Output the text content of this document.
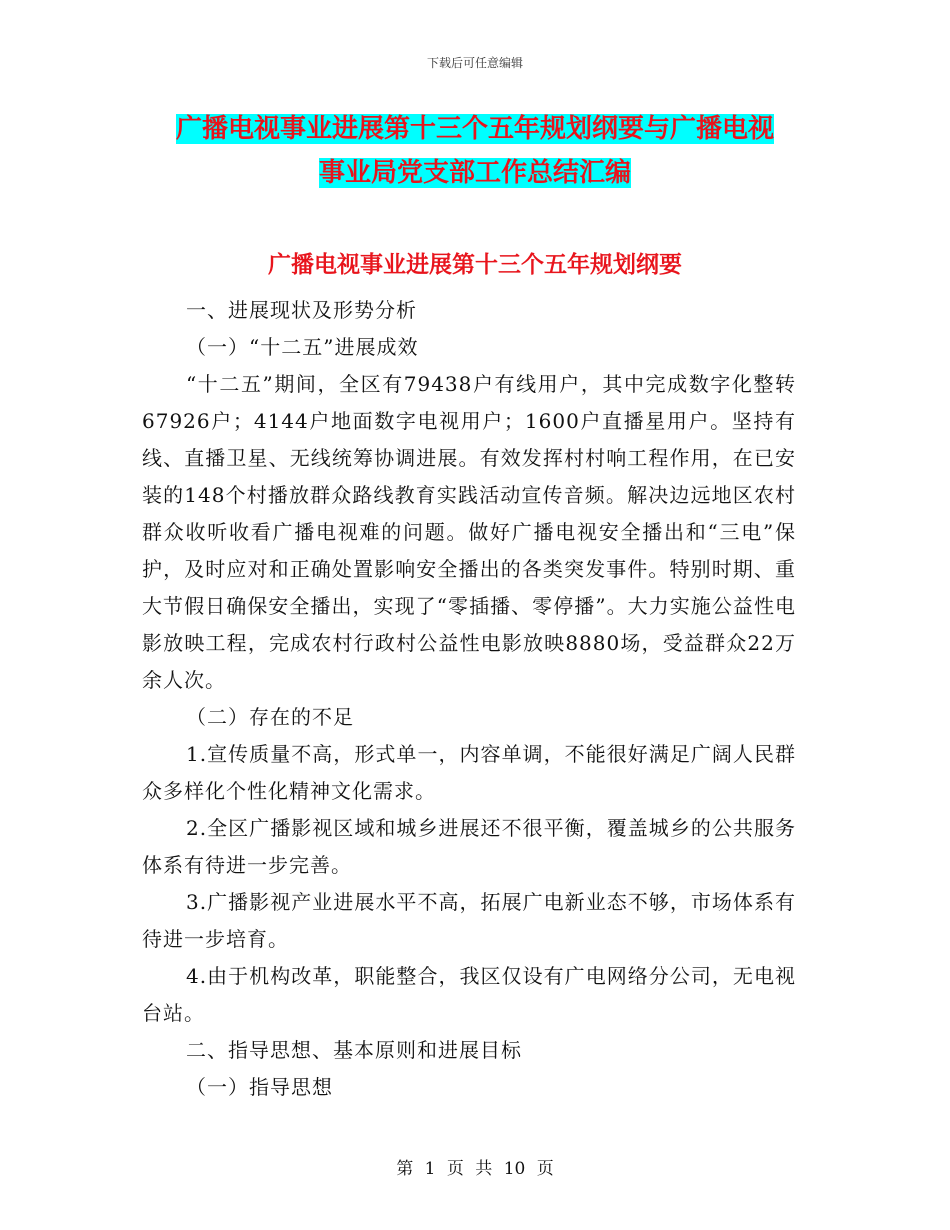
下载后可任意编辑
广播电视事业进展第十三个五年规划纲要与广播电视
事业局党支部工作总结汇编
广播电视事业进展第十三个五年规划纲要

一、进展现状及形势分析

（一）“十二五”进展成效

“十二五”期间，全区有79438户有线用户，其中完成数字化整转67926户；4144户地面数字电视用户；1600户直播星用户。坚持有线、直播卫星、无线统筹协调进展。有效发挥村村响工程作用，在已安装的148个村播放群众路线教育实践活动宣传音频。解决边远地区农村群众收听收看广播电视难的问题。做好广播电视安全播出和“三电”保护，及时应对和正确处置影响安全播出的各类突发事件。特别时期、重大节假日确保安全播出，实现了“零插播、零停播”。大力实施公益性电影放映工程，完成农村行政村公益性电影放映8880场，受益群众22万余人次。

（二）存在的不足

1.宣传质量不高，形式单一，内容单调，不能很好满足广阔人民群众多样化个性化精神文化需求。

2.全区广播影视区域和城乡进展还不很平衡，覆盖城乡的公共服务体系有待进一步完善。

3.广播影视产业进展水平不高，拓展广电新业态不够，市场体系有待进一步培育。

4.由于机构改革，职能整合，我区仅设有广电网络分公司，无电视台站。

二、指导思想、基本原则和进展目标

（一）指导思想

第 1 页 共 10 页
